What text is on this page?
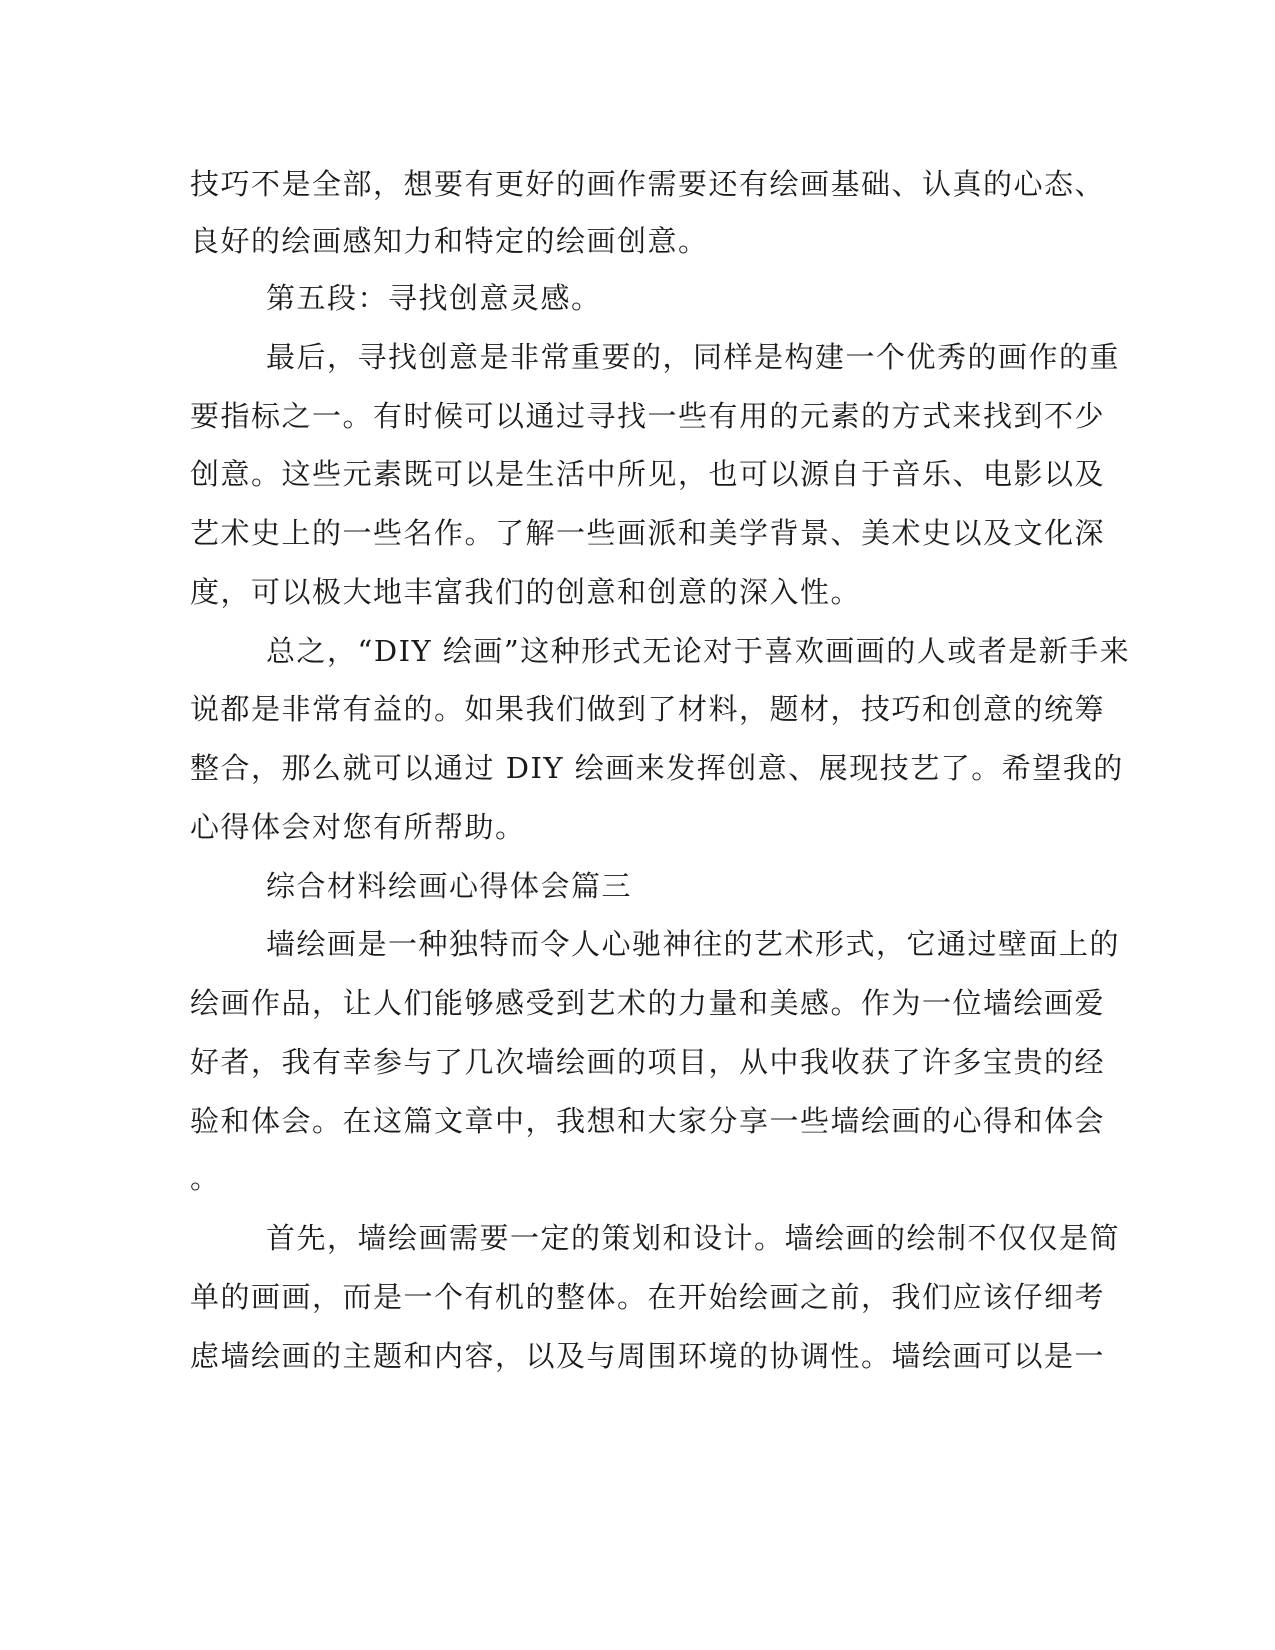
技巧不是全部，想要有更好的画作需要还有绘画基础、认真的心态、

良好的绘画感知力和特定的绘画创意。

第五段：寻找创意灵感。

最后，寻找创意是非常重要的，同样是构建一个优秀的画作的重

要指标之一。有时候可以通过寻找一些有用的元素的方式来找到不少

创意。这些元素既可以是生活中所见，也可以源自于音乐、电影以及

艺术史上的一些名作。了解一些画派和美学背景、美术史以及文化深

度，可以极大地丰富我们的创意和创意的深入性。

总之，“DIY 绘画”这种形式无论对于喜欢画画的人或者是新手来

说都是非常有益的。如果我们做到了材料，题材，技巧和创意的统筹

整合，那么就可以通过 DIY 绘画来发挥创意、展现技艺了。希望我的

心得体会对您有所帮助。

综合材料绘画心得体会篇三

墙绘画是一种独特而令人心驰神往的艺术形式，它通过壁面上的

绘画作品，让人们能够感受到艺术的力量和美感。作为一位墙绘画爱

好者，我有幸参与了几次墙绘画的项目，从中我收获了许多宝贵的经

验和体会。在这篇文章中，我想和大家分享一些墙绘画的心得和体会

。

首先，墙绘画需要一定的策划和设计。墙绘画的绘制不仅仅是简

单的画画，而是一个有机的整体。在开始绘画之前，我们应该仔细考

虑墙绘画的主题和内容，以及与周围环境的协调性。墙绘画可以是一
